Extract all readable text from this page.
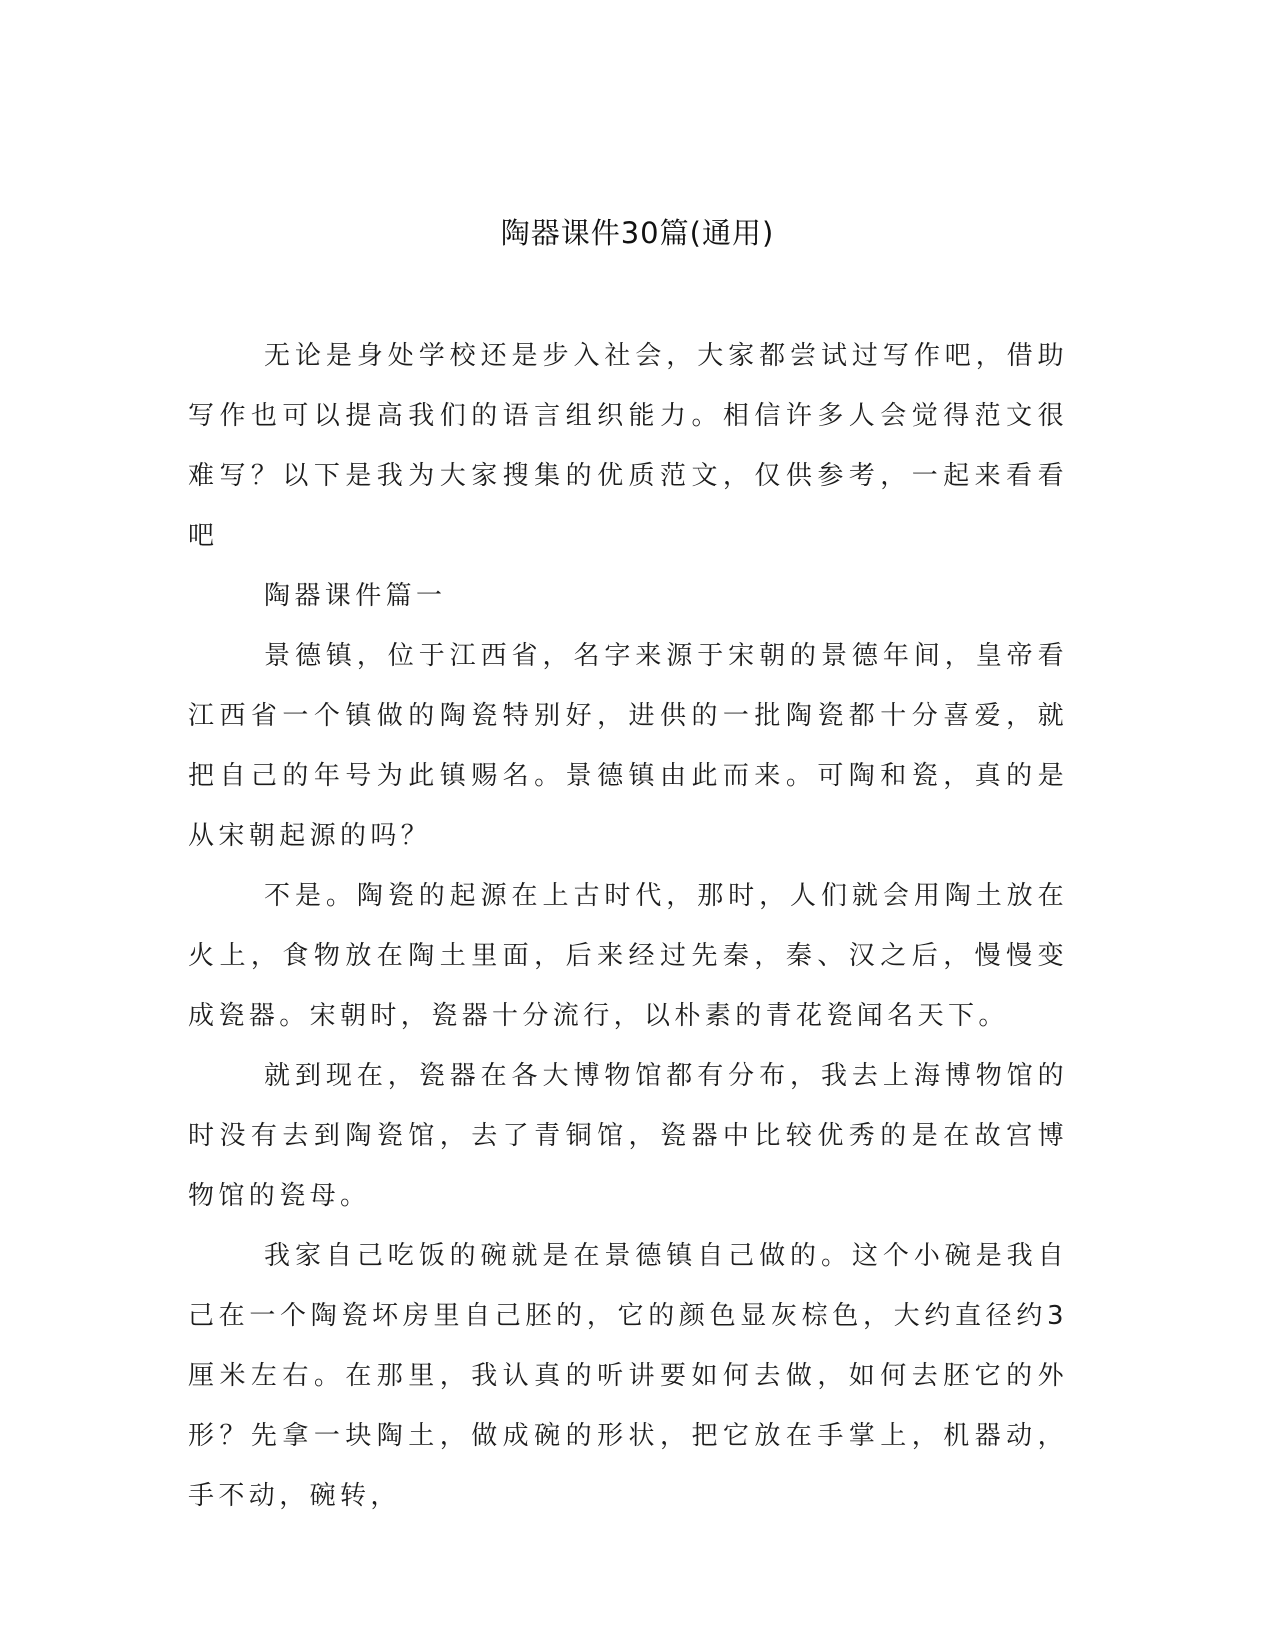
陶器课件30篇(通用)

无论是身处学校还是步入社会，大家都尝试过写作吧，借助写作也可以提高我们的语言组织能力。相信许多人会觉得范文很难写？以下是我为大家搜集的优质范文，仅供参考，一起来看看吧

陶器课件篇一

景德镇，位于江西省，名字来源于宋朝的景德年间，皇帝看江西省一个镇做的陶瓷特别好，进供的一批陶瓷都十分喜爱，就把自己的年号为此镇赐名。景德镇由此而来。可陶和瓷，真的是从宋朝起源的吗？

不是。陶瓷的起源在上古时代，那时，人们就会用陶土放在火上，食物放在陶土里面，后来经过先秦，秦、汉之后，慢慢变成瓷器。宋朝时，瓷器十分流行，以朴素的青花瓷闻名天下。

就到现在，瓷器在各大博物馆都有分布，我去上海博物馆的时没有去到陶瓷馆，去了青铜馆，瓷器中比较优秀的是在故宫博物馆的瓷母。

我家自己吃饭的碗就是在景德镇自己做的。这个小碗是我自己在一个陶瓷坏房里自己胚的，它的颜色显灰棕色，大约直径约3厘米左右。在那里，我认真的听讲要如何去做，如何去胚它的外形？先拿一块陶土，做成碗的形状，把它放在手掌上，机器动，手不动，碗转，
